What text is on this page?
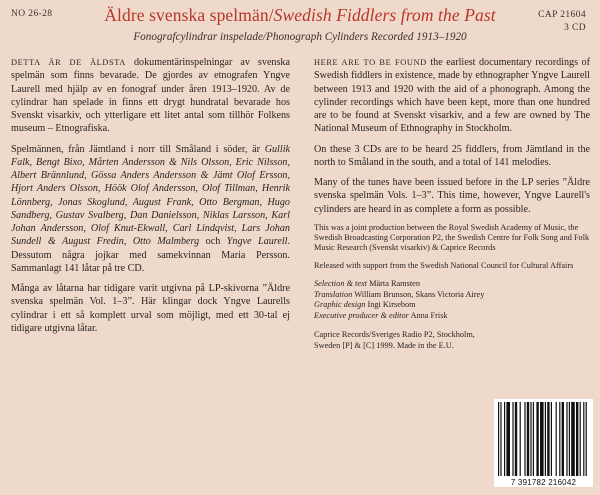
NO 26-28	CAP 21604
3 CD
Äldre svenska spelmän/Swedish Fiddlers from the Past
Fonografcylindrar inspelade/Phonograph Cylinders Recorded 1913–1920

DETTA ÄR DE ÄLDSTA dokumentärinspelningar av svenska spelmän som finns bevarade. De gjordes av etnografen Yngve Laurell med hjälp av en fonograf under åren 1913–1920. Av de cylindrar han spelade in finns ett drygt hundratal bevarade hos Svenskt visarkiv, och ytterligare ett litet antal som tillhör Folkens museum – Etnografiska.

Spelmännen, från Jämtland i norr till Småland i söder, är Gullik Falk, Bengt Bixo, Mårten Andersson & Nils Olsson, Eric Nilsson, Albert Brännlund, Gössa Anders Andersson & Jämt Olof Ersson, Hjort Anders Olsson, Höök Olof Andersson, Olof Tillman, Henrik Lönnberg, Jonas Skoglund, August Frank, Otto Bergman, Hugo Sandberg, Gustav Svalberg, Dan Danielsson, Niklas Larsson, Karl Johan Andersson, Olof Knut-Ekwall, Carl Lindqvist, Lars Johan Sundell & August Fredin, Otto Malmberg och Yngve Laurell. Dessutom några jojkar med samekvinnan Maria Persson. Sammanlagt 141 låtar på tre CD.

Många av låtarna har tidigare varit utgivna på LP-skivorna ”Äldre svenska spelmän Vol. 1–3”. Här klingar dock Yngve Laurells cylindrar i ett så komplett urval som möjligt, med ett 30-tal ej tidigare utgivna låtar.

HERE ARE TO BE FOUND the earliest documentary recordings of Swedish fiddlers in existence, made by ethnographer Yngve Laurell between 1913 and 1920 with the aid of a phonograph. Among the cylinder recordings which have been kept, more than one hundred are to be found at Svenskt visarkiv, and a few are owned by The National Museum of Ethnography in Stockholm.

On these 3 CDs are to be heard 25 fiddlers, from Jämtland in the north to Småland in the south, and a total of 141 melodies.

Many of the tunes have been issued before in the LP series ”Äldre svenska spelmän Vols. 1–3”. This time, however, Yngve Laurell's cylinders are heard in as complete a form as possible.

This was a joint production between the Royal Swedish Academy of Music, the Swedish Broadcasting Corporation P2, the Swedish Centre for Folk Song and Folk Music Research (Svenskt visarkiv) & Caprice Records
Released with support from the Swedish National Council for Cultural Affairs
Selection & text Märta Ramsten
Translation William Brunson, Skans Victoria Airey
Graphic design Ingi Kirsebom
Executive producer & editor Anna Frisk
Caprice Records/Sveriges Radio P2, Stockholm,
Sweden [P] & [C] 1999. Made in the E.U.
7 391782 216042
